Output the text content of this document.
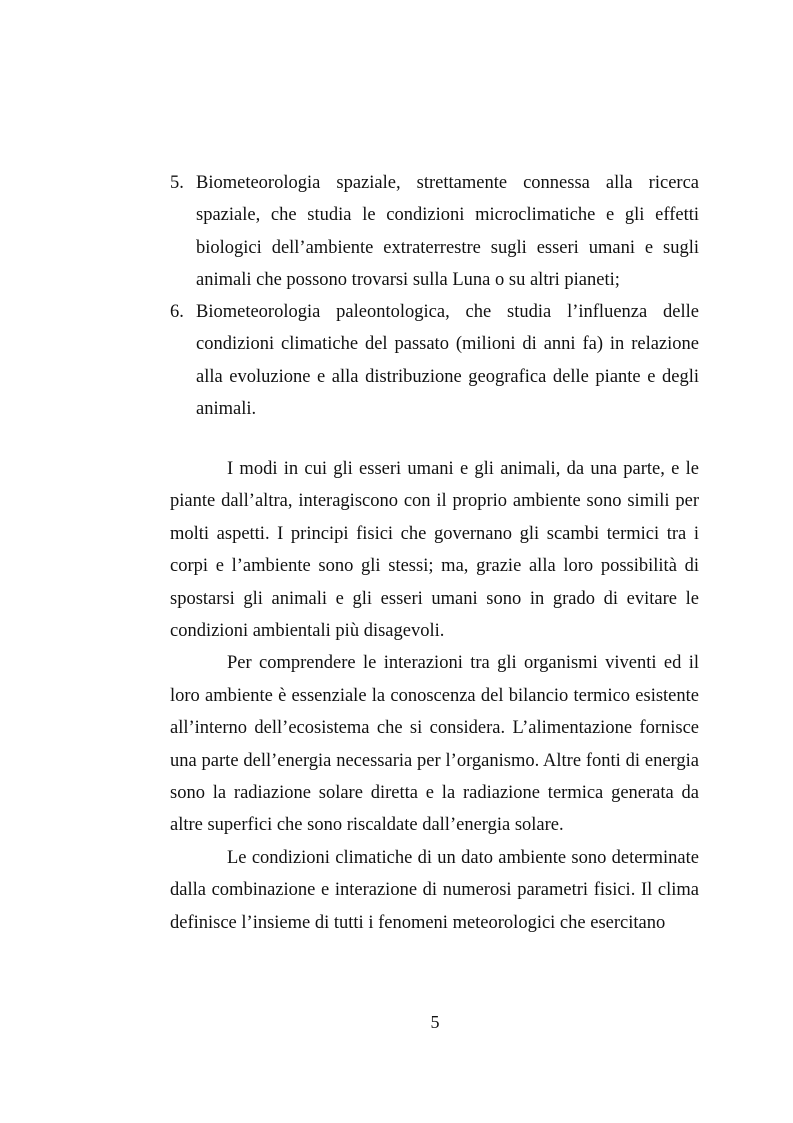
5. Biometeorologia spaziale, strettamente connessa alla ricerca spaziale, che studia le condizioni microclimatiche e gli effetti biologici dell’ambiente extraterrestre sugli esseri umani e sugli animali che possono trovarsi sulla Luna o su altri pianeti;
6. Biometeorologia paleontologica, che studia l’influenza delle condizioni climatiche del passato (milioni di anni fa) in relazione alla evoluzione e alla distribuzione geografica delle piante e degli animali.

I modi in cui gli esseri umani e gli animali, da una parte, e le piante dall’altra, interagiscono con il proprio ambiente sono simili per molti aspetti. I principi fisici che governano gli scambi termici tra i corpi e l’ambiente sono gli stessi; ma, grazie alla loro possibilità di spostarsi gli animali e gli esseri umani sono in grado di evitare le condizioni ambientali più disagevoli.

Per comprendere le interazioni tra gli organismi viventi ed il loro ambiente è essenziale la conoscenza del bilancio termico esistente all’interno dell’ecosistema che si considera. L’alimentazione fornisce una parte dell’energia necessaria per l’organismo. Altre fonti di energia sono la radiazione solare diretta e la radiazione termica generata da altre superfici che sono riscaldate dall’energia solare.

Le condizioni climatiche di un dato ambiente sono determinate dalla combinazione e interazione di numerosi parametri fisici. Il clima definisce l’insieme di tutti i fenomeni meteorologici che esercitano

5
